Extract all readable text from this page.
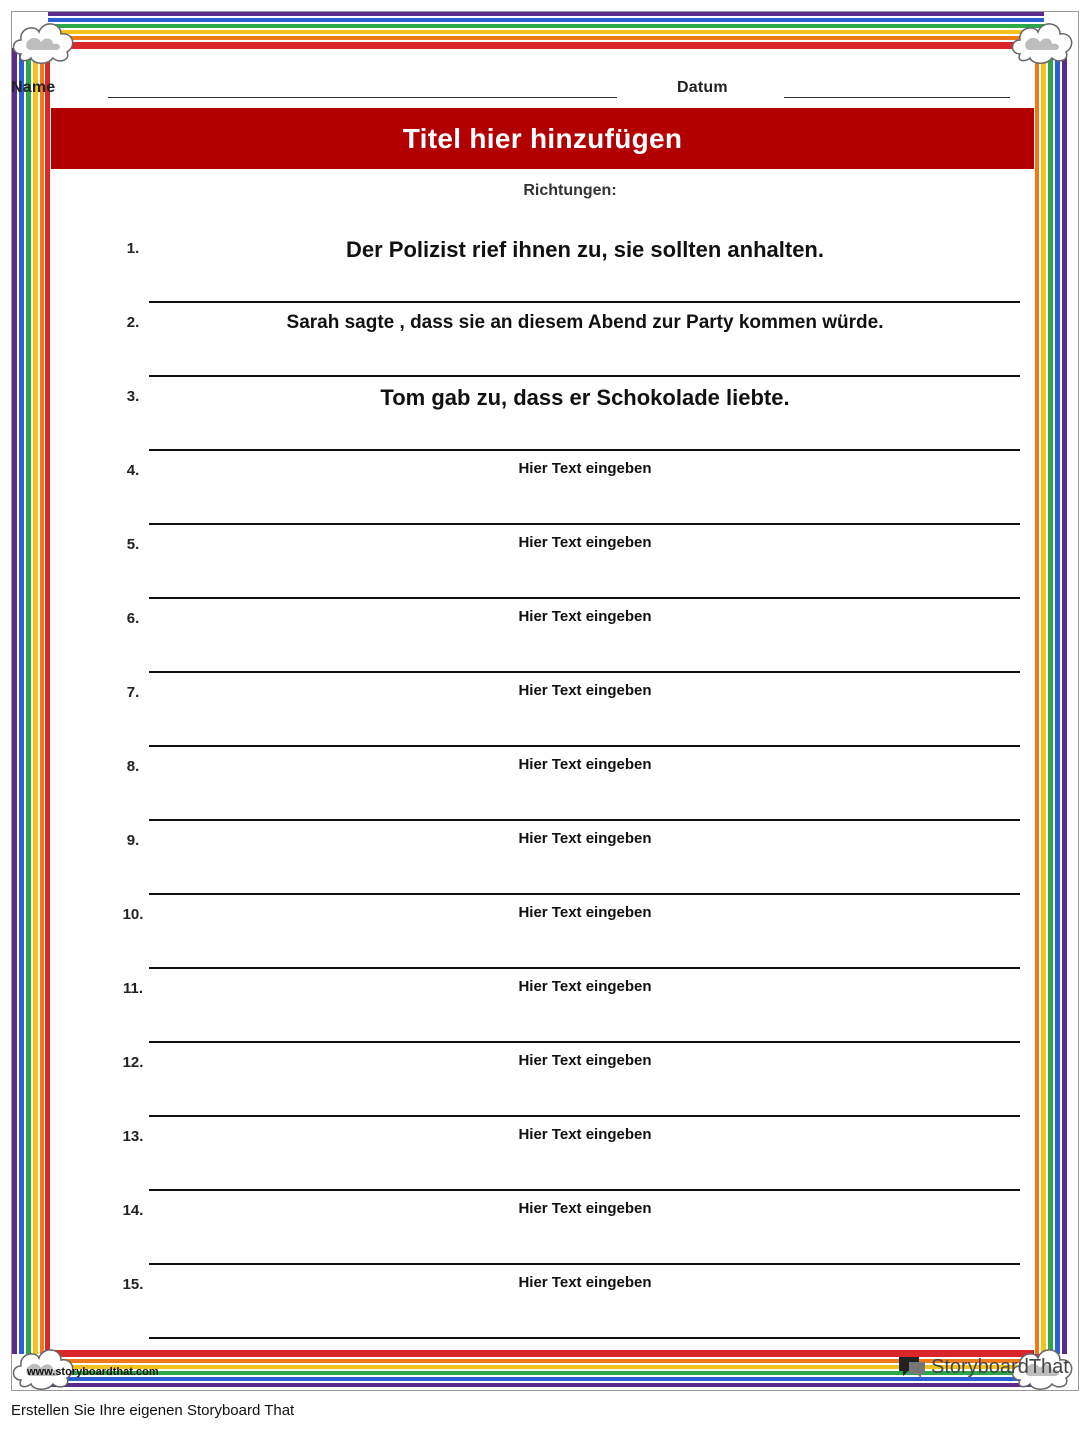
Name	Datum
Titel hier hinzufügen
Richtungen:
1.	Der Polizist rief ihnen zu, sie sollten anhalten.
2.	Sarah sagte , dass sie an diesem Abend zur Party kommen würde.
3.	Tom gab zu, dass er Schokolade liebte.
4.	Hier Text eingeben
5.	Hier Text eingeben
6.	Hier Text eingeben
7.	Hier Text eingeben
8.	Hier Text eingeben
9.	Hier Text eingeben
10.	Hier Text eingeben
11.	Hier Text eingeben
12.	Hier Text eingeben
13.	Hier Text eingeben
14.	Hier Text eingeben
15.	Hier Text eingeben
www.storyboardthat.com	StoryboardThat
Erstellen Sie Ihre eigenen Storyboard That
